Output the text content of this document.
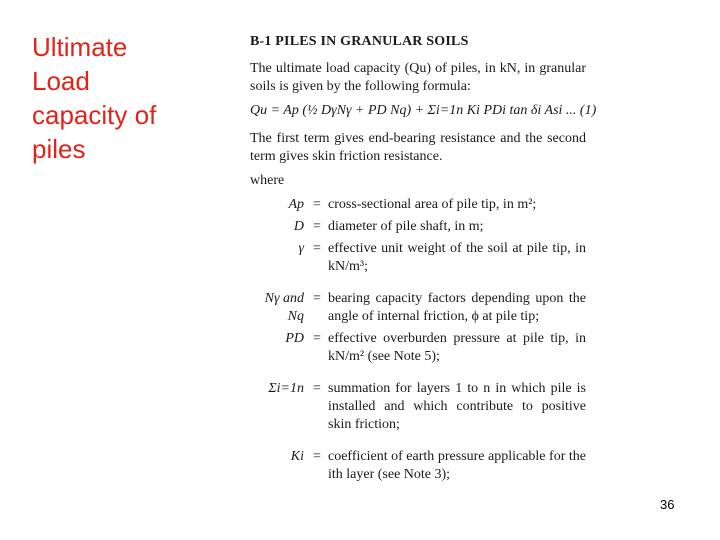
Ultimate
Load
capacity of
piles
B-1 PILES IN GRANULAR SOILS
The ultimate load capacity (Qu) of piles, in kN, in granular soils is given by the following formula:
Qu = Ap (½ DγNγ + PD Nq) + Σi=1n Ki PDi tan δi Asi ... (1)
The first term gives end-bearing resistance and the second term gives skin friction resistance.
where
Ap = cross-sectional area of pile tip, in m²;
D = diameter of pile shaft, in m;
γ = effective unit weight of the soil at pile tip, in kN/m³;
Nγ and Nq
= bearing capacity factors depending upon the angle of internal friction, ϕ at pile tip;
PD = effective overburden pressure at pile tip, in kN/m² (see Note 5);
Σi=1n = summation for layers 1 to n in which pile is installed and which contribute to positive skin friction;
Ki = coefficient of earth pressure applicable for the ith layer (see Note 3);
36
